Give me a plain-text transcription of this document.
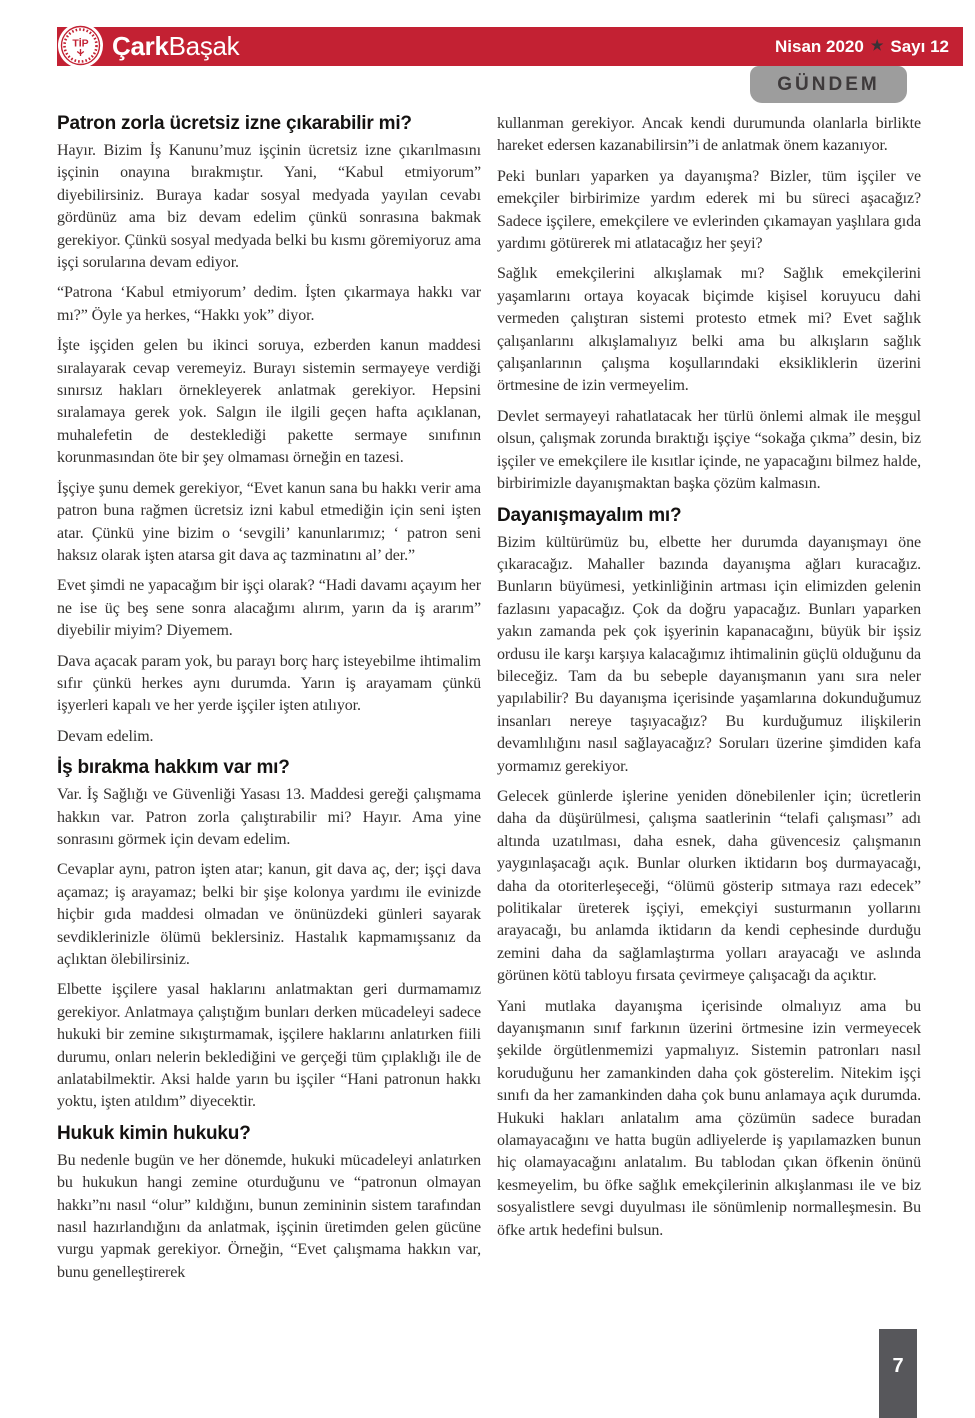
ÇarkBaşak	Nisan 2020 ★ Sayı 12
TİP
GÜNDEM
Patron zorla ücretsiz izne çıkarabilir mi?

Hayır. Bizim İş Kanunu’muz işçinin ücretsiz izne çıkarılmasını işçinin onayına bırakmıştır. Yani, “Kabul etmiyorum” diyebilirsiniz. Buraya kadar sosyal medyada yayılan cevabı gördünüz ama biz devam edelim çünkü sonrasına bakmak gerekiyor. Çünkü sosyal medyada belki bu kısmı göremiyoruz ama işçi sorularına devam ediyor.

“Patrona ‘Kabul etmiyorum’ dedim. İşten çıkarmaya hakkı var mı?” Öyle ya herkes, “Hakkı yok” diyor.

İşte işçiden gelen bu ikinci soruya, ezberden kanun maddesi sıralayarak cevap veremeyiz. Burayı sistemin sermayeye verdiği sınırsız hakları örnekleyerek anlatmak gerekiyor. Hepsini sıralamaya gerek yok. Salgın ile ilgili geçen hafta açıklanan, muhalefetin de desteklediği pakette sermaye sınıfının korunmasından öte bir şey olmaması örneğin en tazesi.

İşçiye şunu demek gerekiyor, “Evet kanun sana bu hakkı verir ama patron buna rağmen ücretsiz izni kabul etmediğin için seni işten atar. Çünkü yine bizim o ‘sevgili’ kanunlarımız; ‘ patron seni haksız olarak işten atarsa git dava aç tazminatını al’ der.”

Evet şimdi ne yapacağım bir işçi olarak? “Hadi davamı açayım her ne ise üç beş sene sonra alacağımı alırım, yarın da iş ararım” diyebilir miyim? Diyemem.

Dava açacak param yok, bu parayı borç harç isteyebilme ihtimalim sıfır çünkü herkes aynı durumda. Yarın iş arayamam çünkü işyerleri kapalı ve her yerde işçiler işten atılıyor.

Devam edelim.

İş bırakma hakkım var mı?

Var. İş Sağlığı ve Güvenliği Yasası 13. Maddesi gereği çalışmama hakkın var. Patron zorla çalıştırabilir mi? Hayır. Ama yine sonrasını görmek için devam edelim.

Cevaplar aynı, patron işten atar; kanun, git dava aç, der; işçi dava açamaz; iş arayamaz; belki bir şişe kolonya yardımı ile evinizde hiçbir gıda maddesi olmadan ve önünüzdeki günleri sayarak sevdiklerinizle ölümü beklersiniz. Hastalık kapmamışsanız da açlıktan ölebilirsiniz.

Elbette işçilere yasal haklarını anlatmaktan geri durmamamız gerekiyor. Anlatmaya çalıştığım bunları derken mücadeleyi sadece hukuki bir zemine sıkıştırmamak, işçilere haklarını anlatırken fiili durumu, onları nelerin beklediğini ve gerçeği tüm çıplaklığı ile de anlatabilmektir. Aksi halde yarın bu işçiler “Hani patronun hakkı yoktu, işten atıldım” diyecektir.

Hukuk kimin hukuku?

Bu nedenle bugün ve her dönemde, hukuki mücadeleyi anlatırken bu hukukun hangi zemine oturduğunu ve “patronun olmayan hakkı”nı nasıl “olur” kıldığını, bunun zemininin sistem tarafından nasıl hazırlandığını da anlatmak, işçinin üretimden gelen gücüne vurgu yapmak gerekiyor. Örneğin, “Evet çalışmama hakkın var, bunu genelleştirerek

kullanman gerekiyor. Ancak kendi durumunda olanlarla birlikte hareket edersen kazanabilirsin”i de anlatmak önem kazanıyor.

Peki bunları yaparken ya dayanışma? Bizler, tüm işçiler ve emekçiler birbirimize yardım ederek mi bu süreci aşacağız? Sadece işçilere, emekçilere ve evlerinden çıkamayan yaşlılara gıda yardımı götürerek mi atlatacağız her şeyi?

Sağlık emekçilerini alkışlamak mı? Sağlık emekçilerini yaşamlarını ortaya koyacak biçimde kişisel koruyucu dahi vermeden çalıştıran sistemi protesto etmek mi? Evet sağlık çalışanlarını alkışlamalıyız belki ama bu alkışların sağlık çalışanlarının çalışma koşullarındaki eksikliklerin üzerini örtmesine de izin vermeyelim.

Devlet sermayeyi rahatlatacak her türlü önlemi almak ile meşgul olsun, çalışmak zorunda bıraktığı işçiye “sokağa çıkma” desin, biz işçiler ve emekçilere ile kısıtlar içinde, ne yapacağını bilmez halde, birbirimizle dayanışmaktan başka çözüm kalmasın.

Dayanışmayalım mı?

Bizim kültürümüz bu, elbette her durumda dayanışmayı öne çıkaracağız. Mahaller bazında dayanışma ağları kuracağız. Bunların büyümesi, yetkinliğinin artması için elimizden gelenin fazlasını yapacağız. Çok da doğru yapacağız. Bunları yaparken yakın zamanda pek çok işyerinin kapanacağını, büyük bir işsiz ordusu ile karşı karşıya kalacağımız ihtimalinin güçlü olduğunu da bileceğiz. Tam da bu sebeple dayanışmanın yanı sıra neler yapılabilir? Bu dayanışma içerisinde yaşamlarına dokunduğumuz insanları nereye taşıyacağız? Bu kurduğumuz ilişkilerin devamlılığını nasıl sağlayacağız? Soruları üzerine şimdiden kafa yormamız gerekiyor.

Gelecek günlerde işlerine yeniden dönebilenler için; ücretlerin daha da düşürülmesi, çalışma saatlerinin “telafi çalışması” adı altında uzatılması, daha esnek, daha güvencesiz çalışmanın yaygınlaşacağı açık. Bunlar olurken iktidarın boş durmayacağı, daha da otoriterleşeceği, “ölümü gösterip sıtmaya razı edecek” politikalar üreterek işçiyi, emekçiyi susturmanın yollarını arayacağı, bu anlamda iktidarın da kendi cephesinde durduğu zemini daha da sağlamlaştırma yolları arayacağı ve aslında görünen kötü tabloyu fırsata çevirmeye çalışacağı da açıktır.

Yani mutlaka dayanışma içerisinde olmalıyız ama bu dayanışmanın sınıf farkının üzerini örtmesine izin vermeyecek şekilde örgütlenmemizi yapmalıyız. Sistemin patronları nasıl koruduğunu her zamankinden daha çok gösterelim. Nitekim işçi sınıfı da her zamankinden daha çok bunu anlamaya açık durumda. Hukuki hakları anlatalım ama çözümün sadece buradan olamayacağını ve hatta bugün adliyelerde iş yapılamazken bunun hiç olamayacağını anlatalım. Bu tablodan çıkan öfkenin önünü kesmeyelim, bu öfke sağlık emekçilerinin alkışlanması ile ve biz sosyalistlere sevgi duyulması ile sönümlenip normalleşmesin. Bu öfke artık hedefini bulsun.

7
